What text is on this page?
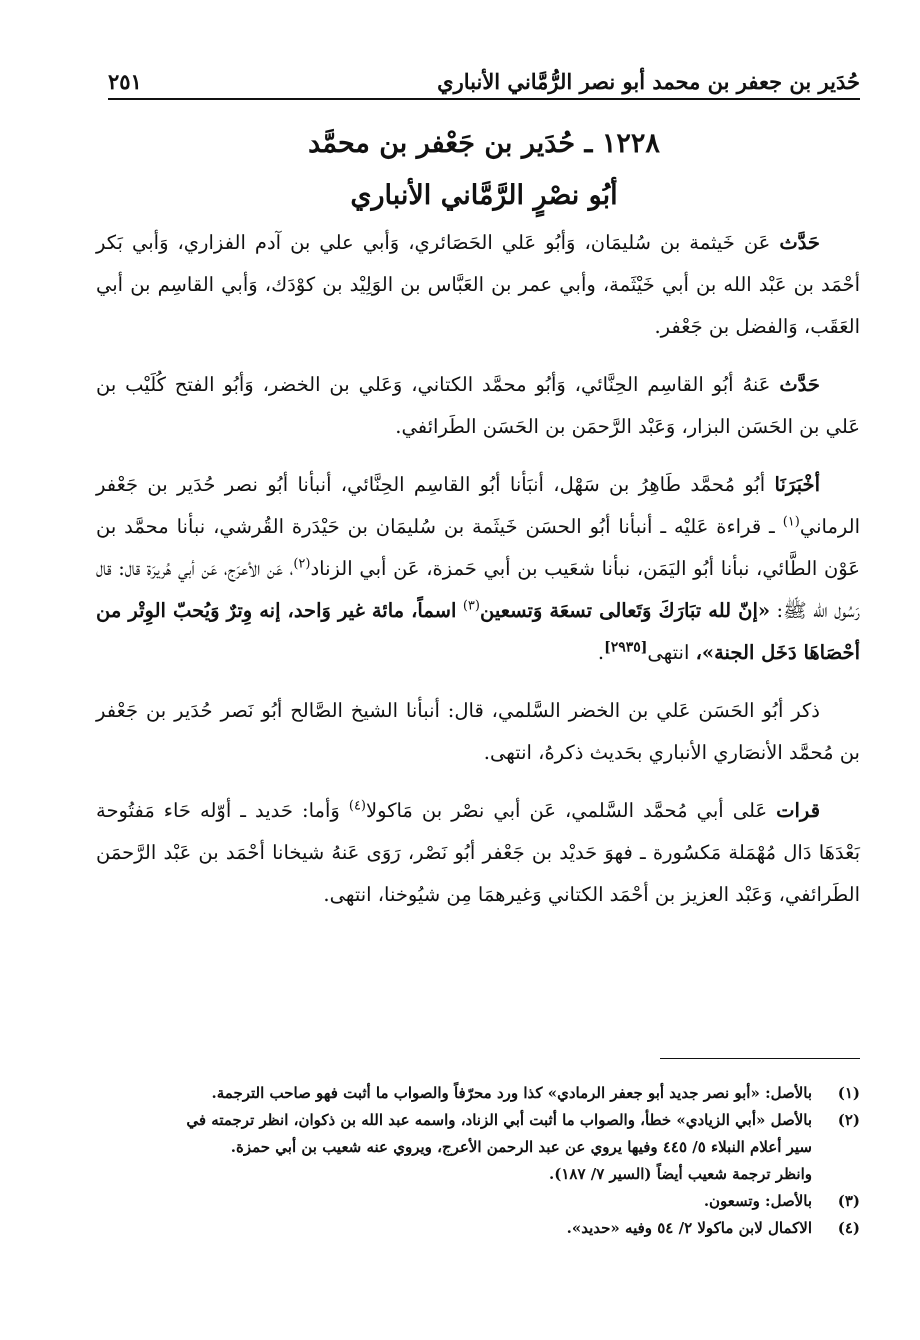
حُدَير بن جعفر بن محمد أبو نصر الرُّمَّاني الأنباري
٢٥١
١٢٢٨ ـ حُدَير بن جَعْفر بن محمَّد
أبُو نصْرٍ الرَّمَّاني الأنباري

حَدَّث عَن خَيثمة بن سُليمَان، وَأبُو عَلي الحَصَائري، وَأبي علي بن آدم الفزاري، وَأبي بَكر أحْمَد بن عَبْد الله بن أبي خَيْثَمة، وأبي عمر بن العَبَّاس بن الوَلِيْد بن كوْدَك، وَأبي القاسِم بن أبي العَقَب، وَالفضل بن جَعْفر.

حَدَّث عَنهُ أبُو القاسِم الحِنَّائي، وَأبُو محمَّد الكتاني، وَعَلي بن الخضر، وَأبُو الفتح كُلَيْب بن عَلي بن الحَسَن البزار، وَعَبْد الرَّحمَن بن الحَسَن الطَرائفي.

أخْبَرَنَا أبُو مُحمَّد طَاهِرُ بن سَهْل، أنبَأنا أبُو القاسِم الحِنَّائي، أنبأنا أبُو نصر حُدَير بن جَعْفر الرماني$^{(١)}$ ـ قراءة عَليْه ـ أنبأنا أبُو الحسَن خَيثَمة بن سُليمَان بن حَيْدَرة القُرشي، نبأنا محمَّد بن عَوْن الطَّائي، نبأنا أبُو اليَمَن، نبأنا شعَيب بن أبي حَمزة، عَن أبي الزناد$^{(٢)}$، عَن الأعرَج، عَن أبي هُريرَة قال: قال رَسُول الله ﷺ: «إنّ لله تبَارَكَ وَتَعالى تسعَة وَتسعين$^{(٣)}$ اسماً، مائة غير وَاحد، إنه وِترٌ وَيُحبّ الوِتْر من أحْصَاهَا دَخَل الجنة»، انتهى[٢٩٣٥].

ذكر أبُو الحَسَن عَلي بن الخضر السَّلمي، قال: أنبأنا الشيخ الصَّالح أبُو نَصر حُدَير بن جَعْفر بن مُحمَّد الأنصَاري الأنباري بحَديث ذكرهُ، انتهى.

قرات عَلى أبي مُحمَّد السَّلمي، عَن أبي نصْر بن مَاكولا$^{(٤)}$ وَأما: حَديد ـ أوّله حَاء مَفتُوحة بَعْدَهَا دَال مُهْمَلة مَكسُورة ـ فهوَ حَديْد بن جَعْفر أبُو نَصْر، رَوَى عَنهُ شيخانا أحْمَد بن عَبْد الرَّحمَن الطَرائفي، وَعَبْد العزيز بن أحْمَد الكتاني وَغيرهمَا مِن شيُوخنا، انتهى.

(١)
بالأصل: «أبو نصر جديد أبو جعفر الرمادي» كذا ورد محرّفاً والصواب ما أثبت فهو صاحب الترجمة.
(٢)
بالأصل «أبي الزيادي» خطأ، والصواب ما أثبت أبي الزناد، واسمه عبد الله بن ذكوان، انظر ترجمته في
سير أعلام النبلاء ٥/ ٤٤٥ وفيها يروي عن عبد الرحمن الأعرج، ويروي عنه شعيب بن أبي حمزة.
وانظر ترجمة شعيب أيضاً (السير ٧/ ١٨٧).
(٣)
بالأصل: وتسعون.
(٤)
الاكمال لابن ماكولا ٢/ ٥٤ وفيه «حديد».
